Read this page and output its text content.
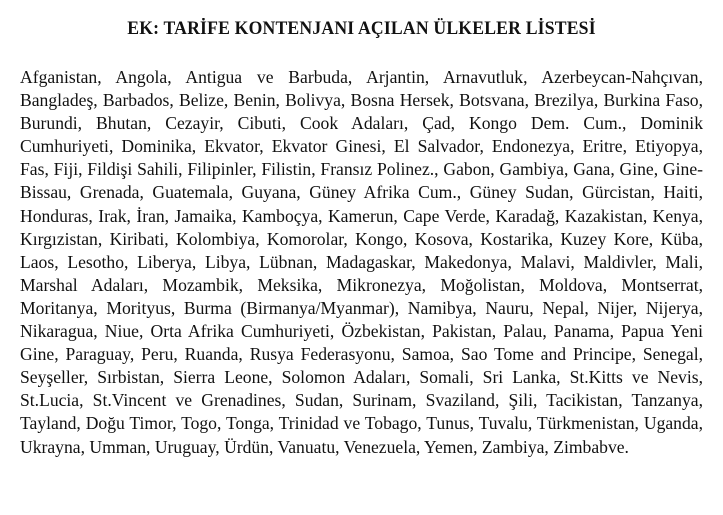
EK: TARİFE KONTENJANI AÇILAN ÜLKELER LİSTESİ

Afganistan, Angola, Antigua ve Barbuda, Arjantin, Arnavutluk, Azerbeycan-Nahçıvan, Bangladeş, Barbados, Belize, Benin, Bolivya, Bosna Hersek, Botsvana, Brezilya, Burkina Faso, Burundi, Bhutan, Cezayir, Cibuti, Cook Adaları, Çad, Kongo Dem. Cum., Dominik Cumhuriyeti, Dominika, Ekvator, Ekvator Ginesi, El Salvador, Endonezya, Eritre, Etiyopya, Fas, Fiji, Fildişi Sahili, Filipinler, Filistin, Fransız Polinez., Gabon, Gambiya, Gana, Gine, Gine-Bissau, Grenada, Guatemala, Guyana, Güney Afrika Cum., Güney Sudan, Gürcistan, Haiti, Honduras, Irak, İran, Jamaika, Kamboçya, Kamerun, Cape Verde, Karadağ, Kazakistan, Kenya, Kırgızistan, Kiribati, Kolombiya, Komorolar, Kongo, Kosova, Kostarika, Kuzey Kore, Küba, Laos, Lesotho, Liberya, Libya, Lübnan, Madagaskar, Makedonya, Malavi, Maldivler, Mali, Marshal Adaları, Mozambik, Meksika, Mikronezya, Moğolistan, Moldova, Montserrat, Moritanya, Morityus, Burma (Birmanya/Myanmar), Namibya, Nauru, Nepal, Nijer, Nijerya, Nikaragua, Niue, Orta Afrika Cumhuriyeti, Özbekistan, Pakistan, Palau, Panama, Papua Yeni Gine, Paraguay, Peru, Ruanda, Rusya Federasyonu, Samoa, Sao Tome and Principe, Senegal, Seyşeller, Sırbistan, Sierra Leone, Solomon Adaları, Somali, Sri Lanka, St.Kitts ve Nevis, St.Lucia, St.Vincent ve Grenadines, Sudan, Surinam, Svaziland, Şili, Tacikistan, Tanzanya, Tayland, Doğu Timor, Togo, Tonga, Trinidad ve Tobago, Tunus, Tuvalu, Türkmenistan, Uganda, Ukrayna, Umman, Uruguay, Ürdün, Vanuatu, Venezuela, Yemen, Zambiya, Zimbabve.
